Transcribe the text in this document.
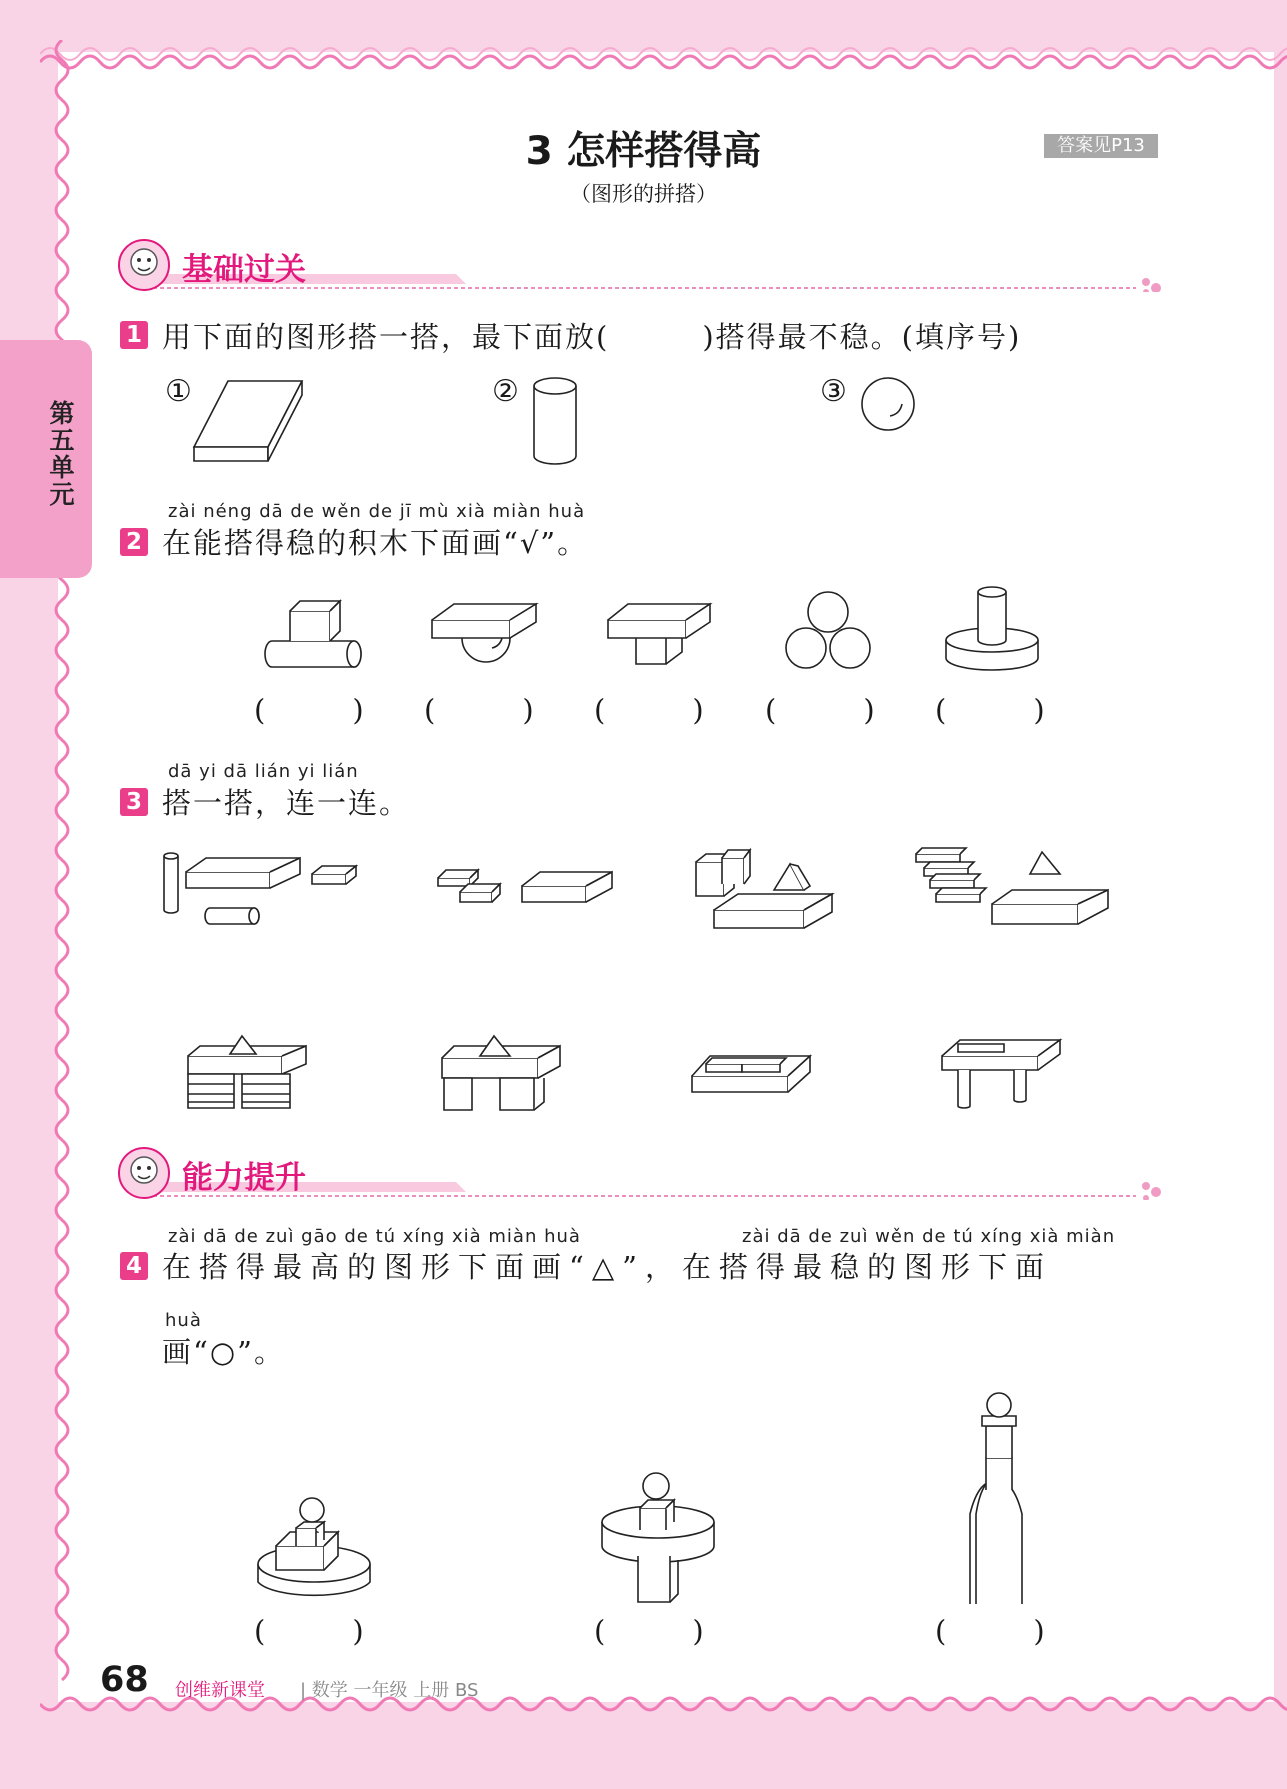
第五单元
3 怎样搭得高
（图形的拼搭）
答案见P13
基础过关
1 用下面的图形搭一搭，最下面放(　　　)搭得最不稳。(填序号)
①	②	③
zài néng dā de wěn de jī mù xià miàn huà
2 在能搭得稳的积木下面画“√”。
(　　　)	(　　　)	(　　　)	(　　　)	(　　　)
dā yi dā lián yi lián
3 搭一搭，连一连。
能力提升
zài dā de zuì gāo de tú xíng xià miàn huà	zài dā de zuì wěn de tú xíng xià miàn
4 在搭得最高的图形下面画“△”，在搭得最稳的图形下面
huà
画“○”。
(　　　)	(　　　)	(　　　)
68 创维新课堂 | 数学 一年级 上册 BS
